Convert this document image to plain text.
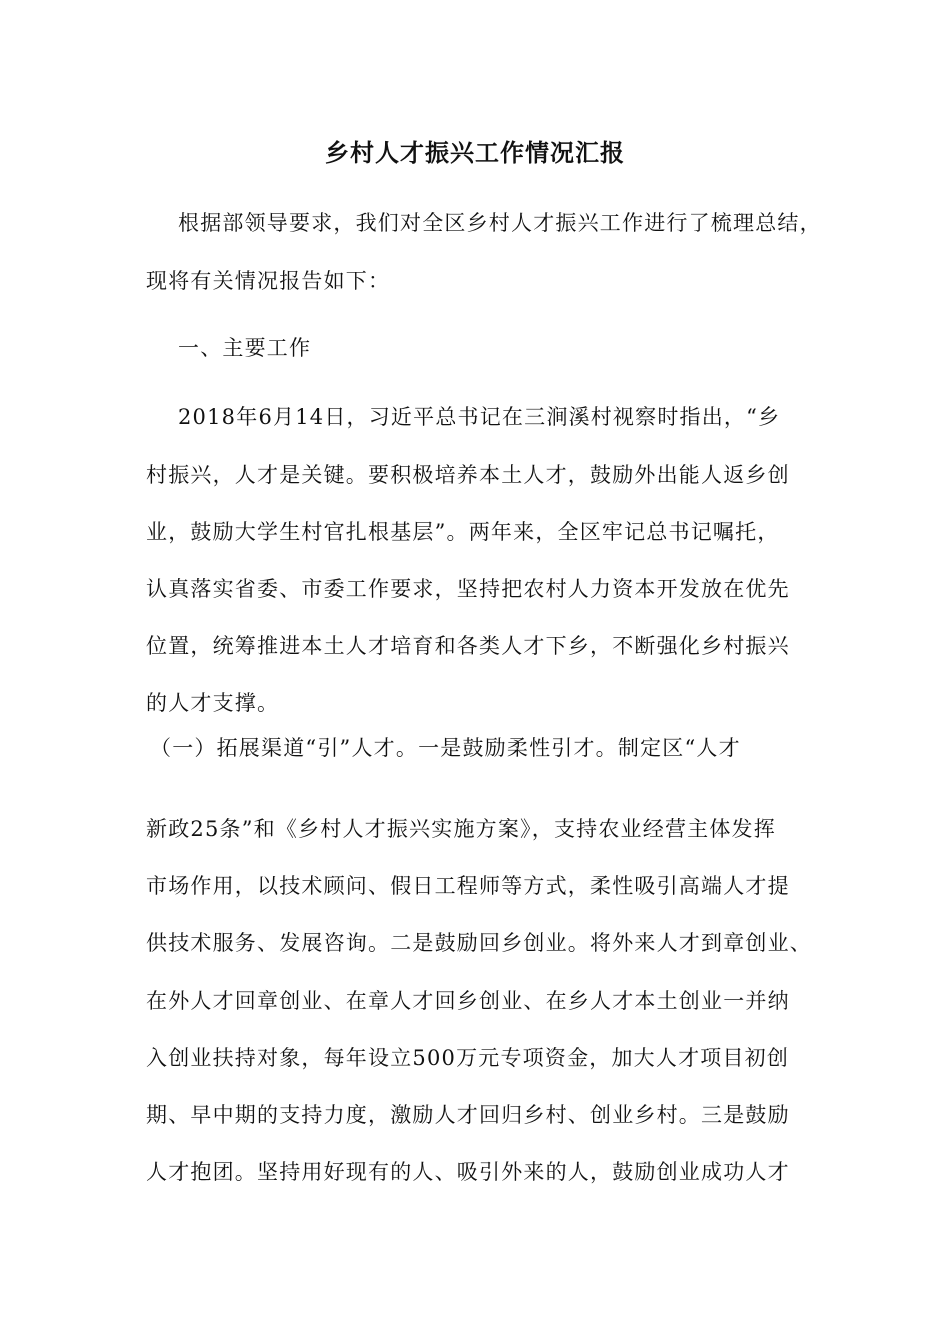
乡村人才振兴工作情况汇报
根据部领导要求，我们对全区乡村人才振兴工作进行了梳理总结，
现将有关情况报告如下：
一、主要工作
2018年6月14日，习近平总书记在三涧溪村视察时指出，“乡
村振兴，人才是关键。要积极培养本土人才，鼓励外出能人返乡创
业，鼓励大学生村官扎根基层”。两年来，全区牢记总书记嘱托，
认真落实省委、市委工作要求，坚持把农村人力资本开发放在优先
位置，统筹推进本土人才培育和各类人才下乡，不断强化乡村振兴
的人才支撑。
（一）拓展渠道“引”人才。一是鼓励柔性引才。制定区“人才
新政25条”和《乡村人才振兴实施方案》，支持农业经营主体发挥
市场作用，以技术顾问、假日工程师等方式，柔性吸引高端人才提
供技术服务、发展咨询。二是鼓励回乡创业。将外来人才到章创业、
在外人才回章创业、在章人才回乡创业、在乡人才本土创业一并纳
入创业扶持对象，每年设立500万元专项资金，加大人才项目初创
期、早中期的支持力度，激励人才回归乡村、创业乡村。三是鼓励
人才抱团。坚持用好现有的人、吸引外来的人，鼓励创业成功人才
